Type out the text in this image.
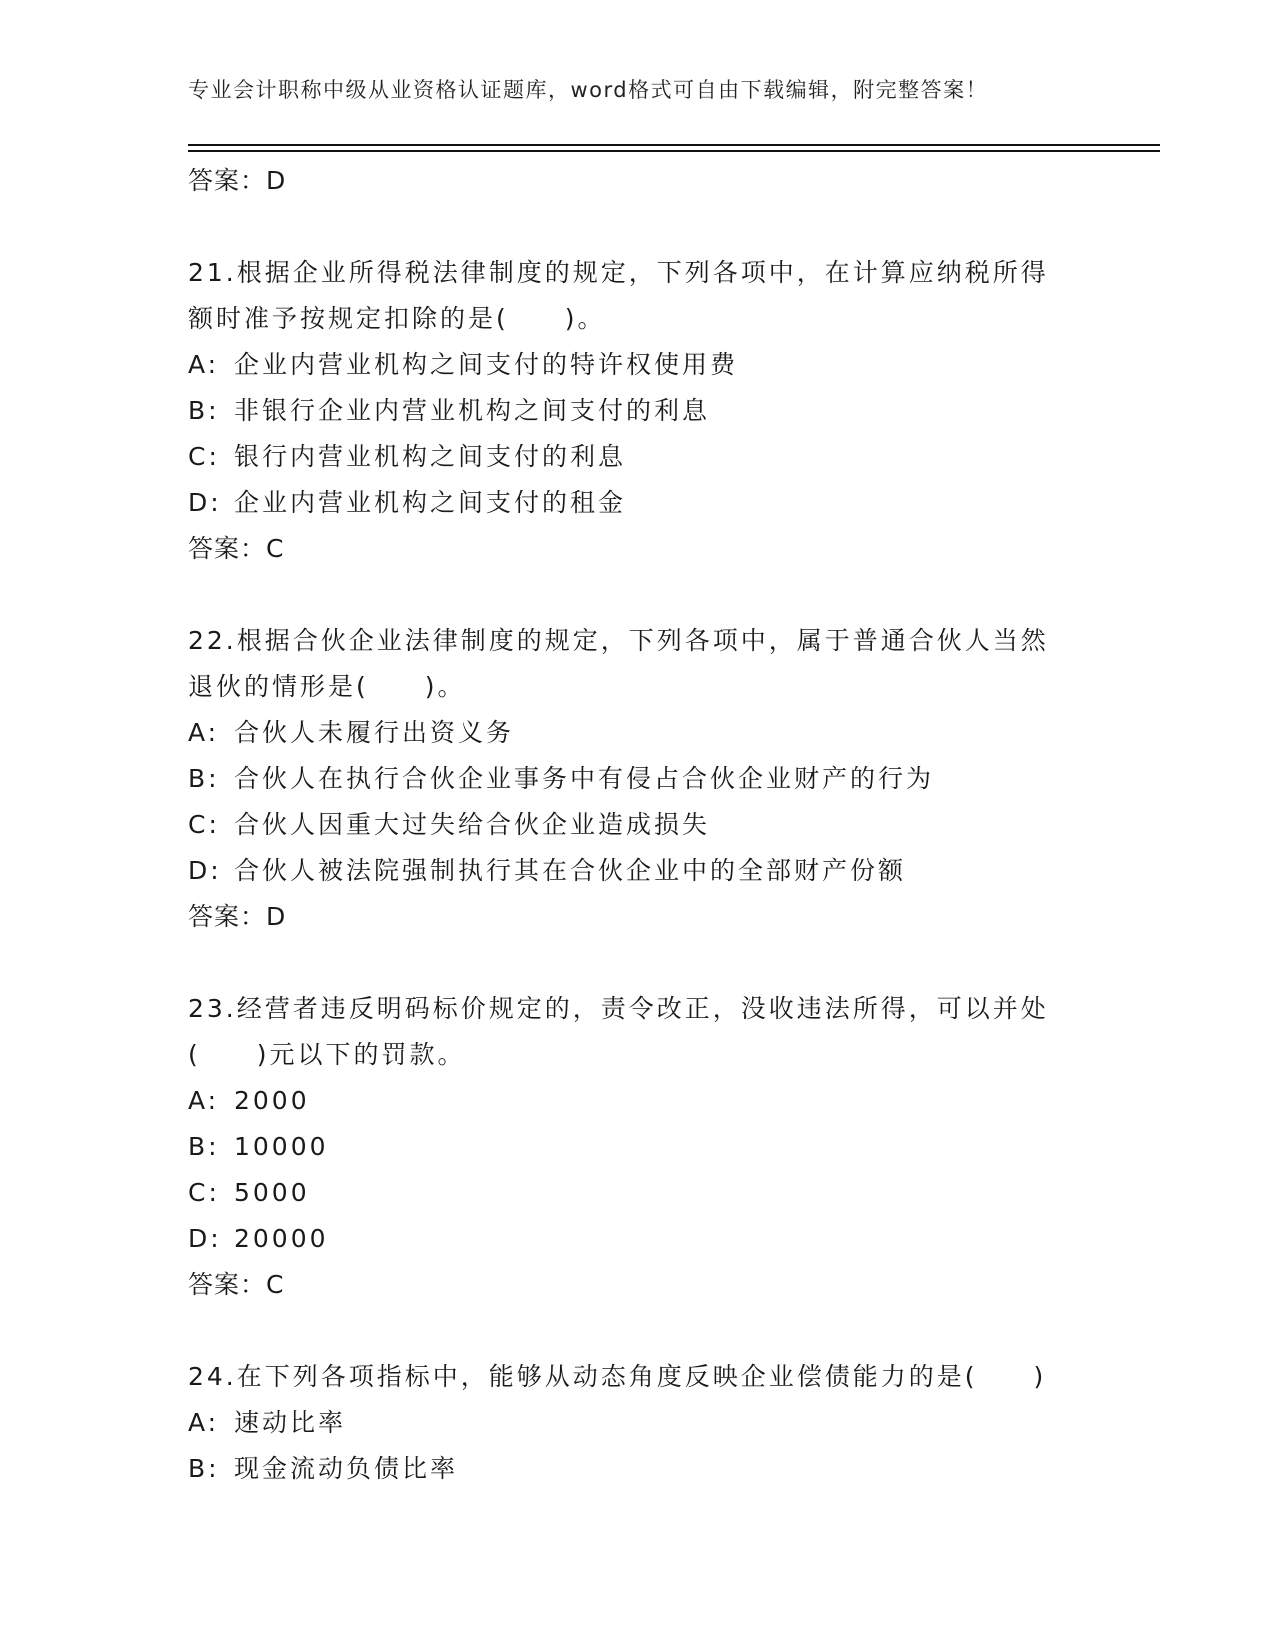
专业会计职称中级从业资格认证题库，word格式可自由下载编辑，附完整答案！
答案：D
21.根据企业所得税法律制度的规定，下列各项中，在计算应纳税所得
额时准予按规定扣除的是(　　)。
A: 企业内营业机构之间支付的特许权使用费
B: 非银行企业内营业机构之间支付的利息
C: 银行内营业机构之间支付的利息
D: 企业内营业机构之间支付的租金
答案：C
22.根据合伙企业法律制度的规定，下列各项中，属于普通合伙人当然
退伙的情形是(　　)。
A: 合伙人未履行出资义务
B: 合伙人在执行合伙企业事务中有侵占合伙企业财产的行为
C: 合伙人因重大过失给合伙企业造成损失
D: 合伙人被法院强制执行其在合伙企业中的全部财产份额
答案：D
23.经营者违反明码标价规定的，责令改正，没收违法所得，可以并处
(　　)元以下的罚款。
A: 2000
B: 10000
C: 5000
D: 20000
答案：C
24.在下列各项指标中，能够从动态角度反映企业偿债能力的是(　　)
A: 速动比率
B: 现金流动负债比率
